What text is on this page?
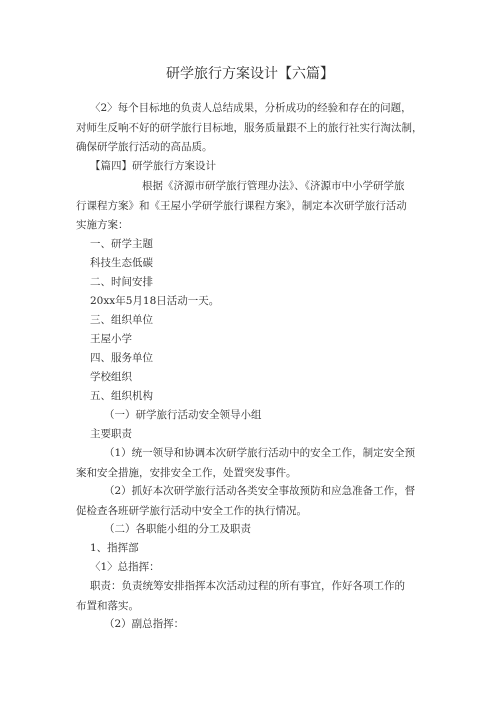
研学旅行方案设计【六篇】
〈2〉每个目标地的负责人总结成果，分析成功的经验和存在的问题，
对师生反响不好的研学旅行目标地，服务质量跟不上的旅行社实行淘汰制，
确保研学旅行活动的高品质。
【篇四】研学旅行方案设计
根据《济源市研学旅行管理办法》、《济源市中小学研学旅
行课程方案》和《王屋小学研学旅行课程方案》，制定本次研学旅行活动
实施方案：
一、研学主题
科技生态低碳
二、时间安排
20xx年5月18日活动一天。
三、组织单位
王屋小学
四、服务单位
学校组织
五、组织机构
（一）研学旅行活动安全领导小组
主要职责
（1）统一领导和协调本次研学旅行活动中的安全工作，制定安全预
案和安全措施，安排安全工作，处置突发事件。
（2）抓好本次研学旅行活动各类安全事故预防和应急准备工作，督
促检查各班研学旅行活动中安全工作的执行情况。
（二）各职能小组的分工及职责
1、指挥部
〈1〉总指挥：
职责：负责统筹安排指挥本次活动过程的所有事宜，作好各项工作的
布置和落实。
（2）副总指挥：
